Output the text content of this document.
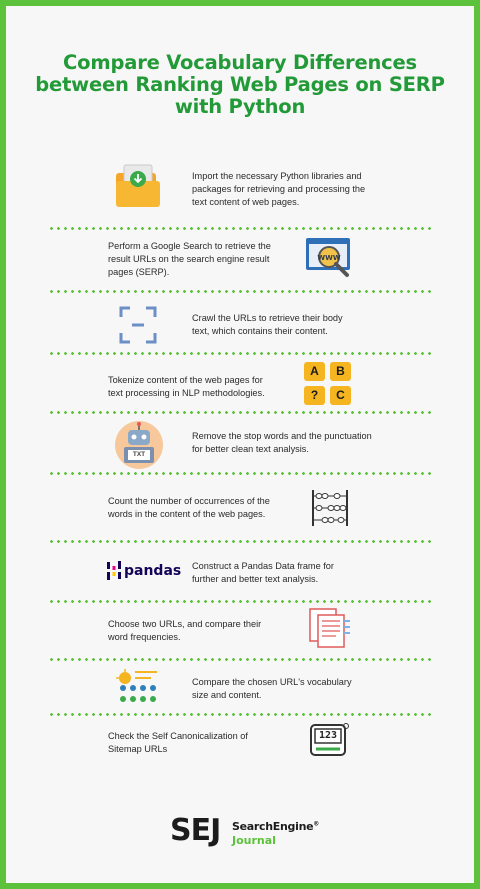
Compare Vocabulary Differences between Ranking Web Pages on SERP with Python
Import the necessary Python libraries and packages for retrieving and processing the text content of web pages.
Perform a Google Search to retrieve the result URLs on the search engine result pages (SERP).
WWW
Crawl the URLs to retrieve their body text, which contains their content.
Tokenize content of the web pages for text processing in NLP methodologies.
A	B
?	C
TXT
Remove the stop words and the punctuation for better clean text analysis.
Count the number of occurrences of the words in the content of the web pages.
pandas Construct a Pandas Data frame for further and better text analysis.
Choose two URLs, and compare their word frequencies.
Compare the chosen URL's vocabulary size and content.
Check the Self Canonicalization of Sitemap URLs
123
SEJ SearchEngine®
Journal
